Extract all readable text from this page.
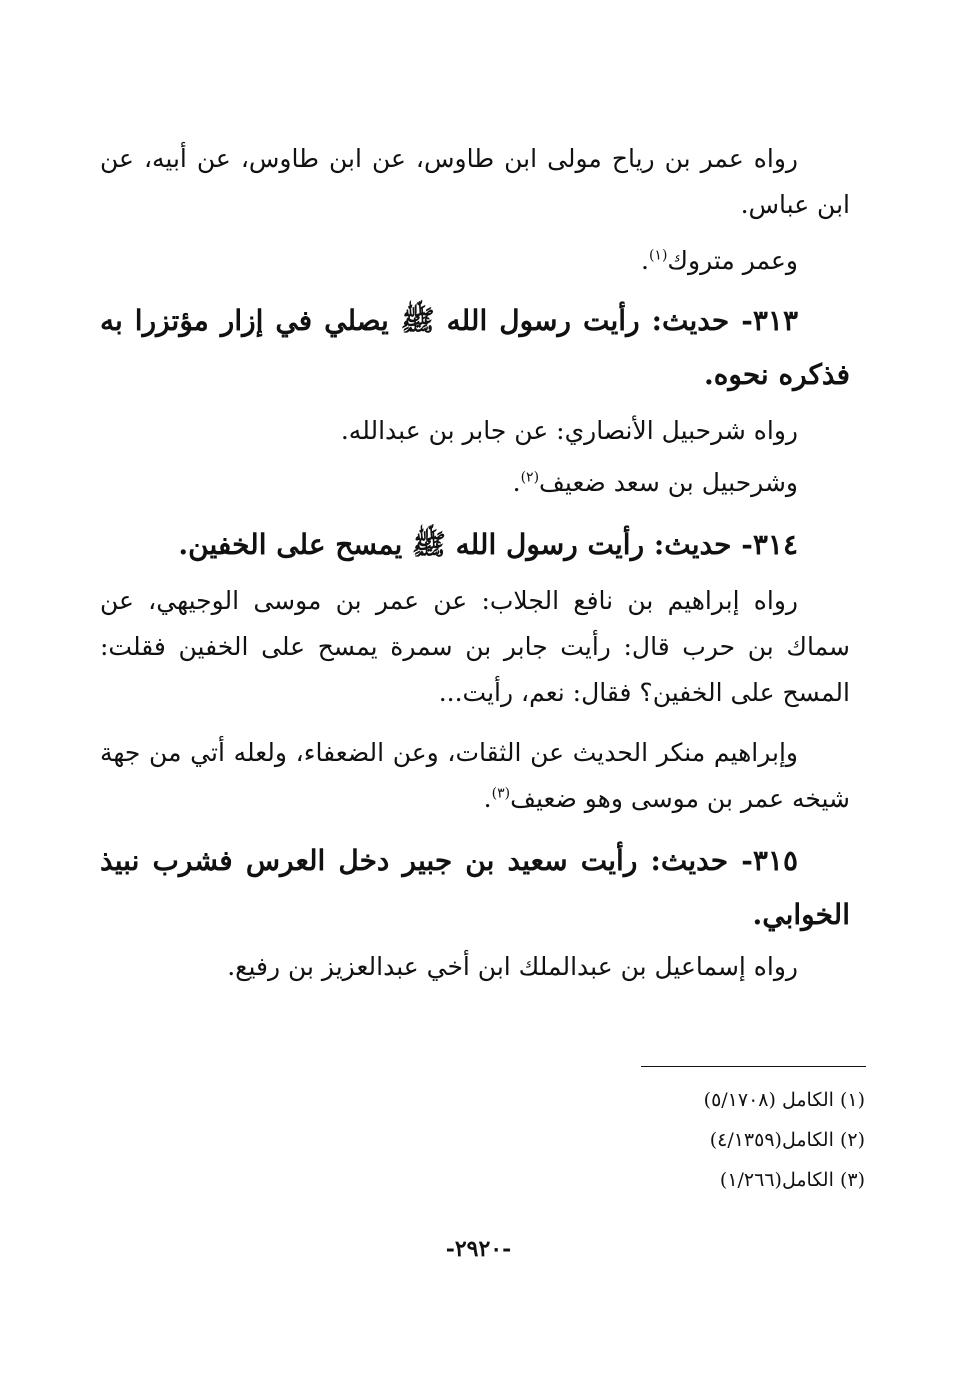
رواه عمر بن رياح مولى ابن طاوس، عن ابن طاوس، عن أبيه، عن ابن عباس.
وعمر متروك$^{(١)}$.
٣١٣- حديث: رأيت رسول الله ﷺ يصلي في إزار مؤتزرا به فذكره نحوه.
رواه شرحبيل الأنصاري: عن جابر بن عبدالله.
وشرحبيل بن سعد ضعيف$^{(٢)}$.
٣١٤- حديث: رأيت رسول الله ﷺ يمسح على الخفين.
رواه إبراهيم بن نافع الجلاب: عن عمر بن موسى الوجيهي، عن سماك بن حرب قال: رأيت جابر بن سمرة يمسح على الخفين فقلت: المسح على الخفين؟ فقال: نعم، رأيت...
وإبراهيم منكر الحديث عن الثقات، وعن الضعفاء، ولعله أتي من جهة شيخه عمر بن موسى وهو ضعيف$^{(٣)}$.
٣١٥- حديث: رأيت سعيد بن جبير دخل العرس فشرب نبيذ الخوابي.
رواه إسماعيل بن عبدالملك ابن أخي عبدالعزيز بن رفيع.

(١) الكامل (٥/١٧٠٨)

(٢) الكامل(٤/١٣٥٩)

(٣) الكامل(١/٢٦٦)

-٢٩٢٠-
